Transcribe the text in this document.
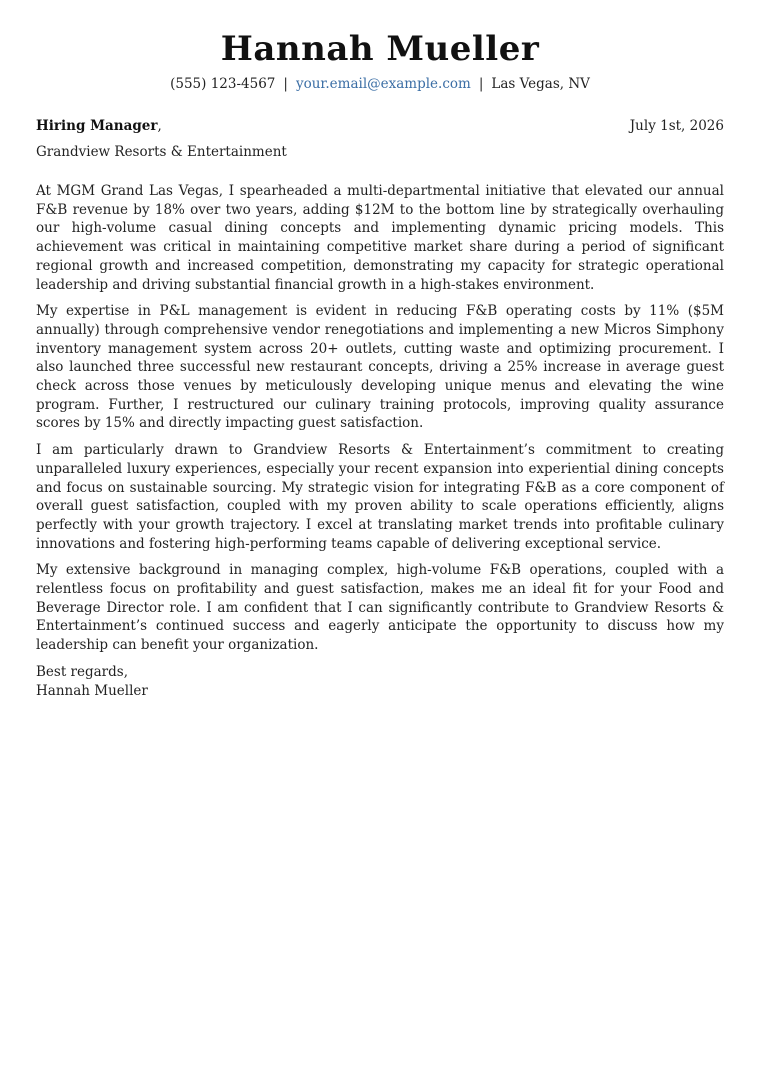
Hannah Mueller
(555) 123-4567 | your.email@example.com | Las Vegas, NV
Hiring Manager,	July 1st, 2026
Grandview Resorts & Entertainment

At MGM Grand Las Vegas, I spearheaded a multi-departmental initiative that elevated our annual F&B revenue by 18% over two years, adding $12M to the bottom line by strategically overhauling our high-volume casual dining concepts and implementing dynamic pricing models. This achievement was critical in maintaining competitive market share during a period of significant regional growth and increased competition, demonstrating my capacity for strategic operational leadership and driving substantial financial growth in a high-stakes environment.

My expertise in P&L management is evident in reducing F&B operating costs by 11% ($5M annually) through comprehensive vendor renegotiations and implementing a new Micros Simphony inventory management system across 20+ outlets, cutting waste and optimizing procurement. I also launched three successful new restaurant concepts, driving a 25% increase in average guest check across those venues by meticulously developing unique menus and elevating the wine program. Further, I restructured our culinary training protocols, improving quality assurance scores by 15% and directly impacting guest satisfaction.

I am particularly drawn to Grandview Resorts & Entertainment’s commitment to creating unparalleled luxury experiences, especially your recent expansion into experiential dining concepts and focus on sustainable sourcing. My strategic vision for integrating F&B as a core component of overall guest satisfaction, coupled with my proven ability to scale operations efficiently, aligns perfectly with your growth trajectory. I excel at translating market trends into profitable culinary innovations and fostering high-performing teams capable of delivering exceptional service.

My extensive background in managing complex, high-volume F&B operations, coupled with a relentless focus on profitability and guest satisfaction, makes me an ideal fit for your Food and Beverage Director role. I am confident that I can significantly contribute to Grandview Resorts & Entertainment’s continued success and eagerly anticipate the opportunity to discuss how my leadership can benefit your organization.

Best regards,
Hannah Mueller
